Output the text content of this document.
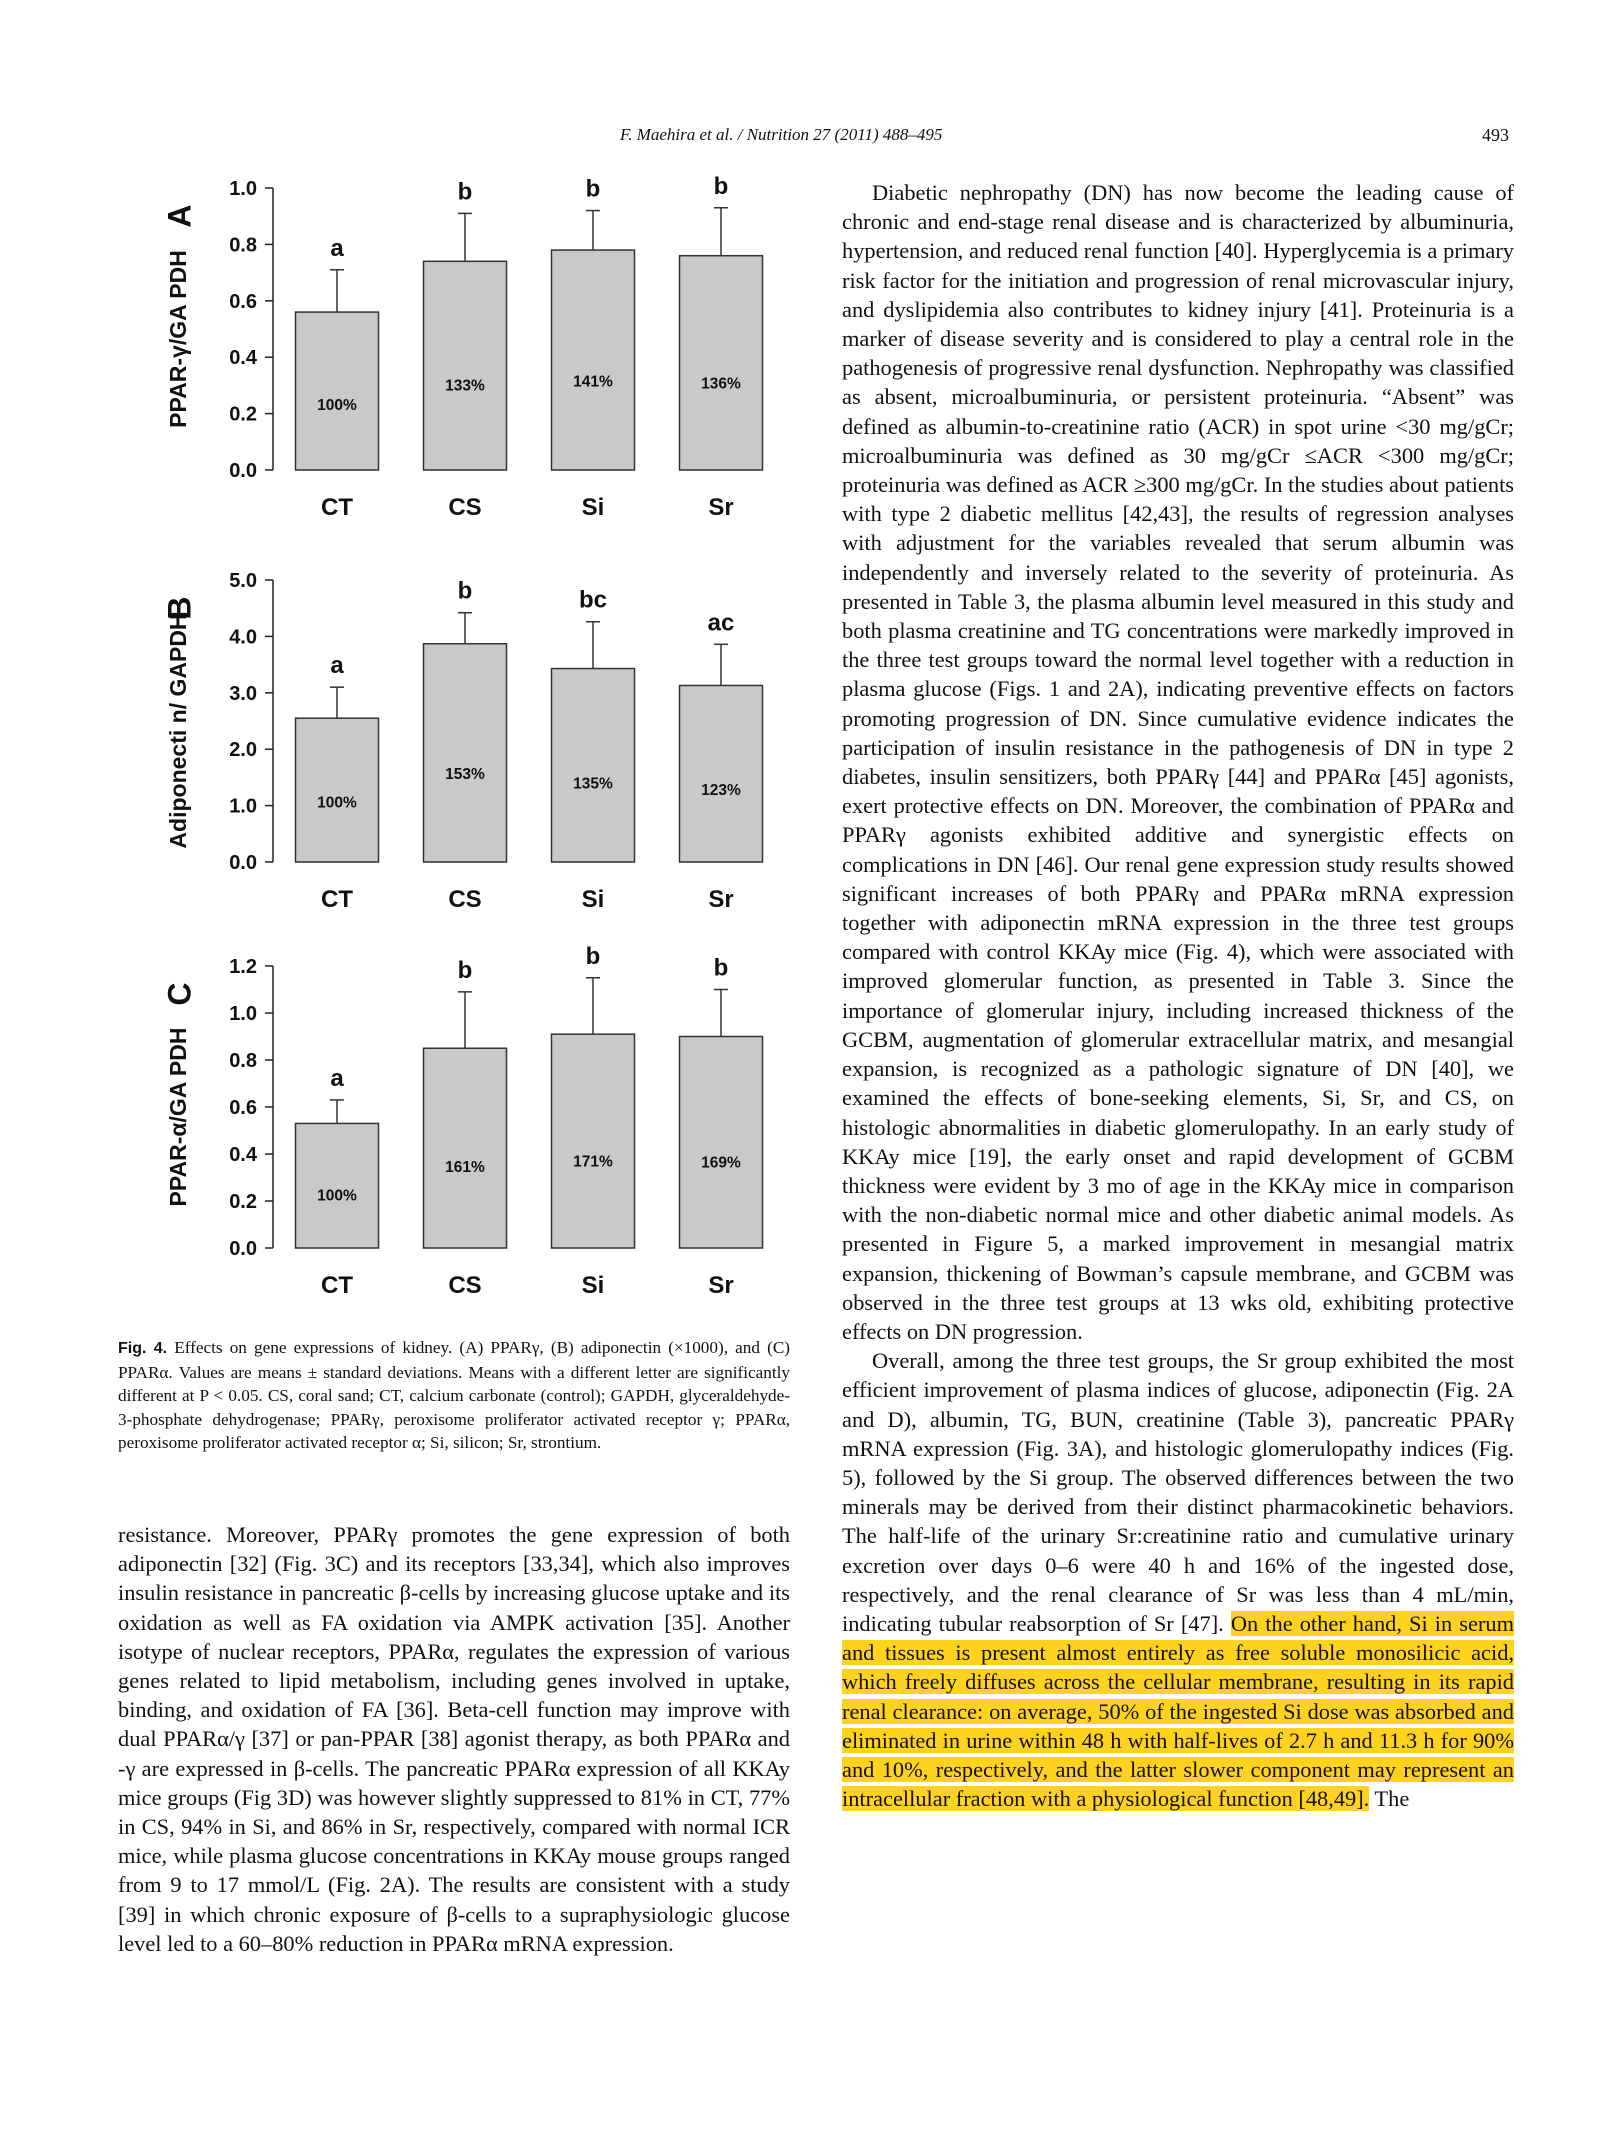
F. Maehira et al. / Nutrition 27 (2011) 488–495	493
A
PPAR-γ/GA PDH
0.0
0.2
0.4
0.6
0.8
1.0
a
100%
CT
b
133%
CS
b
141%
Si
b
136%
Sr
B
Adiponecti n/ GAPDH
0.0
1.0
2.0
3.0
4.0
5.0
a
100%
CT
b
153%
CS
bc
135%
Si
ac
123%
Sr
C
PPAR-α/GA PDH
0.0
0.2
0.4
0.6
0.8
1.0
1.2
a
100%
CT
b
161%
CS
b
171%
Si
b
169%
Sr
Fig. 4. Effects on gene expressions of kidney. (A) PPARγ, (B) adiponectin (×1000), and (C) PPARα. Values are means ± standard deviations. Means with a different letter are significantly different at P < 0.05. CS, coral sand; CT, calcium carbonate (control); GAPDH, glyceraldehyde-3-phosphate dehydrogenase; PPARγ, peroxisome proliferator activated receptor γ; PPARα, peroxisome proliferator activated receptor α; Si, silicon; Sr, strontium.

resistance. Moreover, PPARγ promotes the gene expression of both adiponectin [32] (Fig. 3C) and its receptors [33,34], which also improves insulin resistance in pancreatic β-cells by increasing glucose uptake and its oxidation as well as FA oxidation via AMPK activation [35]. Another isotype of nuclear receptors, PPARα, regulates the expression of various genes related to lipid metabolism, including genes involved in uptake, binding, and oxidation of FA [36]. Beta-cell function may improve with dual PPARα/γ [37] or pan-PPAR [38] agonist therapy, as both PPARα and -γ are expressed in β-cells. The pancreatic PPARα expression of all KKAy mice groups (Fig 3D) was however slightly suppressed to 81% in CT, 77% in CS, 94% in Si, and 86% in Sr, respectively, compared with normal ICR mice, while plasma glucose concentrations in KKAy mouse groups ranged from 9 to 17 mmol/L (Fig. 2A). The results are consistent with a study [39] in which chronic exposure of β-cells to a supraphysiologic glucose level led to a 60–80% reduction in PPARα mRNA expression.

Diabetic nephropathy (DN) has now become the leading cause of chronic and end-stage renal disease and is characterized by albuminuria, hypertension, and reduced renal function [40]. Hyperglycemia is a primary risk factor for the initiation and progression of renal microvascular injury, and dyslipidemia also contributes to kidney injury [41]. Proteinuria is a marker of disease severity and is considered to play a central role in the pathogenesis of progressive renal dysfunction. Nephropathy was classified as absent, microalbuminuria, or persistent proteinuria. “Absent” was defined as albumin-to-creatinine ratio (ACR) in spot urine <30 mg/gCr; microalbuminuria was defined as 30 mg/gCr ≤ACR <300 mg/gCr; proteinuria was defined as ACR ≥300 mg/gCr. In the studies about patients with type 2 diabetic mellitus [42,43], the results of regression analyses with adjustment for the variables revealed that serum albumin was independently and inversely related to the severity of proteinuria. As presented in Table 3, the plasma albumin level measured in this study and both plasma creatinine and TG concentrations were markedly improved in the three test groups toward the normal level together with a reduction in plasma glucose (Figs. 1 and 2A), indicating preventive effects on factors promoting progression of DN. Since cumulative evidence indicates the participation of insulin resistance in the pathogenesis of DN in type 2 diabetes, insulin sensitizers, both PPARγ [44] and PPARα [45] agonists, exert protective effects on DN. Moreover, the combination of PPARα and PPARγ agonists exhibited additive and synergistic effects on complications in DN [46]. Our renal gene expression study results showed significant increases of both PPARγ and PPARα mRNA expression together with adiponectin mRNA expression in the three test groups compared with control KKAy mice (Fig. 4), which were associated with improved glomerular function, as presented in Table 3. Since the importance of glomerular injury, including increased thickness of the GCBM, augmentation of glomerular extracellular matrix, and mesangial expansion, is recognized as a pathologic signature of DN [40], we examined the effects of bone-seeking elements, Si, Sr, and CS, on histologic abnormalities in diabetic glomerulopathy. In an early study of KKAy mice [19], the early onset and rapid development of GCBM thickness were evident by 3 mo of age in the KKAy mice in comparison with the non-diabetic normal mice and other diabetic animal models. As presented in Figure 5, a marked improvement in mesangial matrix expansion, thickening of Bowman’s capsule membrane, and GCBM was observed in the three test groups at 13 wks old, exhibiting protective effects on DN progression.

Overall, among the three test groups, the Sr group exhibited the most efficient improvement of plasma indices of glucose, adiponectin (Fig. 2A and D), albumin, TG, BUN, creatinine (Table 3), pancreatic PPARγ mRNA expression (Fig. 3A), and histologic glomerulopathy indices (Fig. 5), followed by the Si group. The observed differences between the two minerals may be derived from their distinct pharmacokinetic behaviors. The half-life of the urinary Sr:creatinine ratio and cumulative urinary excretion over days 0–6 were 40 h and 16% of the ingested dose, respectively, and the renal clearance of Sr was less than 4 mL/min, indicating tubular reabsorption of Sr [47]. On the other hand, Si in serum and tissues is present almost entirely as free soluble monosilicic acid, which freely diffuses across the cellular membrane, resulting in its rapid renal clearance: on average, 50% of the ingested Si dose was absorbed and eliminated in urine within 48 h with half-lives of 2.7 h and 11.3 h for 90% and 10%, respectively, and the latter slower component may represent an intracellular fraction with a physiological function [48,49]. The
